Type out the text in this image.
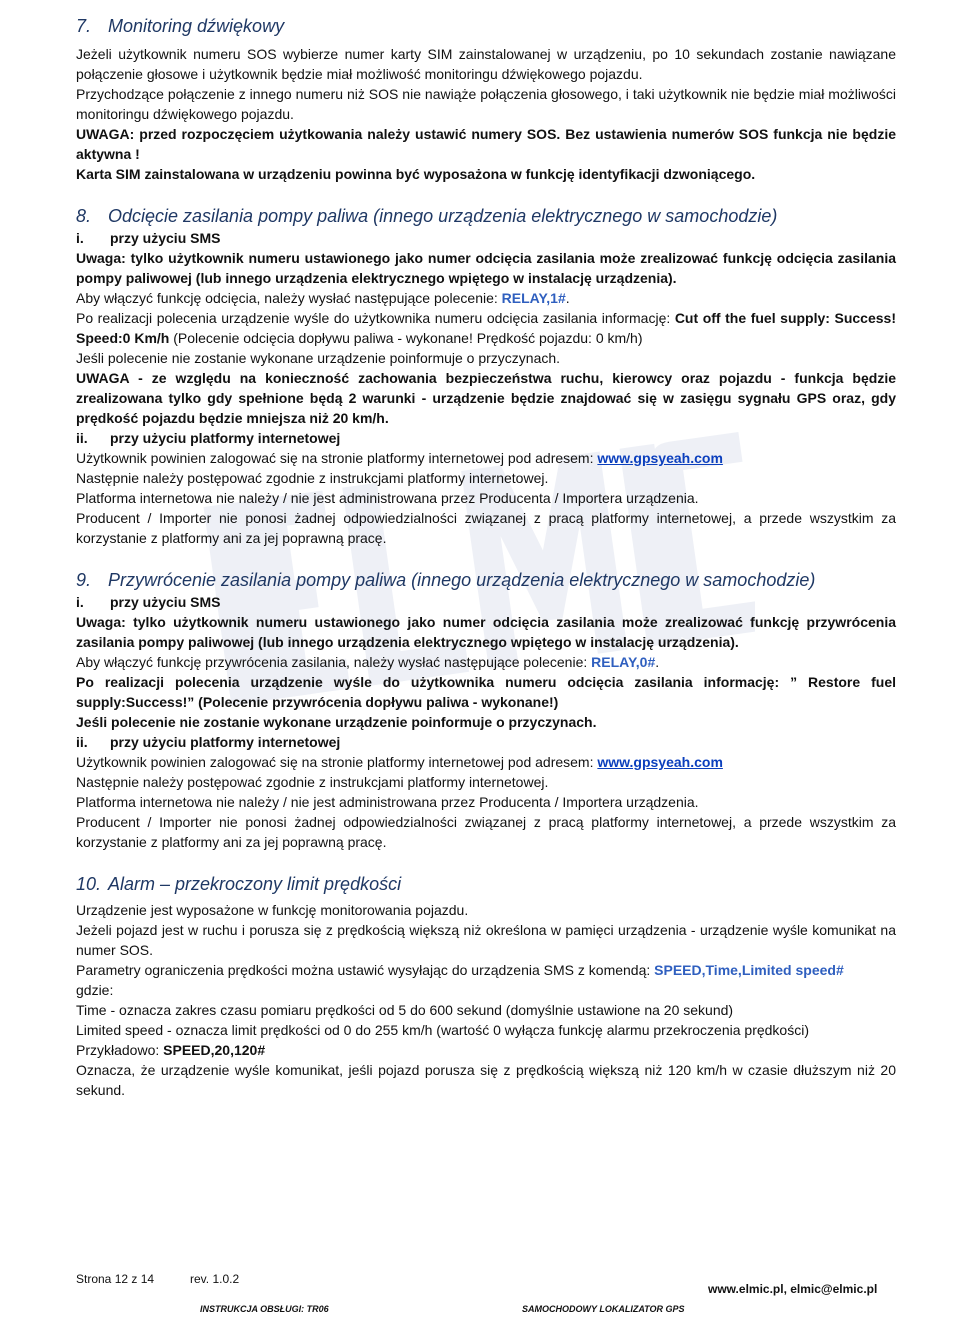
7. Monitoring dźwiękowy

Jeżeli użytkownik numeru SOS wybierze numer karty SIM zainstalowanej w urządzeniu, po 10 sekundach zostanie nawiązane połączenie głosowe i użytkownik będzie miał możliwość monitoringu dźwiękowego pojazdu.

Przychodzące połączenie z innego numeru niż SOS nie nawiąże połączenia głosowego, i taki użytkownik nie będzie miał możliwości monitoringu dźwiękowego pojazdu.

UWAGA: przed rozpoczęciem użytkowania należy ustawić numery SOS. Bez ustawienia numerów SOS funkcja nie będzie aktywna !

Karta SIM zainstalowana w urządzeniu powinna być wyposażona w funkcję identyfikacji dzwoniącego.

8. Odcięcie zasilania pompy paliwa (innego urządzenia elektrycznego w samochodzie)

i. przy użyciu SMS

Uwaga: tylko użytkownik numeru ustawionego jako numer odcięcia zasilania może zrealizować funkcję odcięcia zasilania pompy paliwowej (lub innego urządzenia elektrycznego wpiętego w instalację urządzenia).

Aby włączyć funkcję odcięcia, należy wysłać następujące polecenie: RELAY,1#.

Po realizacji polecenia urządzenie wyśle do użytkownika numeru odcięcia zasilania informację: Cut off the fuel supply: Success! Speed:0 Km/h (Polecenie odcięcia dopływu paliwa - wykonane! Prędkość pojazdu: 0 km/h)

Jeśli polecenie nie zostanie wykonane urządzenie poinformuje o przyczynach.

UWAGA - ze względu na konieczność zachowania bezpieczeństwa ruchu, kierowcy oraz pojazdu - funkcja będzie zrealizowana tylko gdy spełnione będą 2 warunki - urządzenie będzie znajdować się w zasięgu sygnału GPS oraz, gdy prędkość pojazdu będzie mniejsza niż 20 km/h.

ii. przy użyciu platformy internetowej

Użytkownik powinien zalogować się na stronie platformy internetowej pod adresem: www.gpsyeah.com

Następnie należy postępować zgodnie z instrukcjami platformy internetowej.

Platforma internetowa nie należy / nie jest administrowana przez Producenta / Importera urządzenia.

Producent / Importer nie ponosi żadnej odpowiedzialności związanej z pracą platformy internetowej, a przede wszystkim za korzystanie z platformy ani za jej poprawną pracę.

9. Przywrócenie zasilania pompy paliwa (innego urządzenia elektrycznego w samochodzie)

i. przy użyciu SMS

Uwaga: tylko użytkownik numeru ustawionego jako numer odcięcia zasilania może zrealizować funkcję przywrócenia zasilania pompy paliwowej (lub innego urządzenia elektrycznego wpiętego w instalację urządzenia).

Aby włączyć funkcję przywrócenia zasilania, należy wysłać następujące polecenie: RELAY,0#.

Po realizacji polecenia urządzenie wyśle do użytkownika numeru odcięcia zasilania informację: ” Restore fuel supply:Success!” (Polecenie przywrócenia dopływu paliwa - wykonane!)

Jeśli polecenie nie zostanie wykonane urządzenie poinformuje o przyczynach.

ii. przy użyciu platformy internetowej

Użytkownik powinien zalogować się na stronie platformy internetowej pod adresem: www.gpsyeah.com

Następnie należy postępować zgodnie z instrukcjami platformy internetowej.

Platforma internetowa nie należy / nie jest administrowana przez Producenta / Importera urządzenia.

Producent / Importer nie ponosi żadnej odpowiedzialności związanej z pracą platformy internetowej, a przede wszystkim za korzystanie z platformy ani za jej poprawną pracę.

10. Alarm – przekroczony limit prędkości

Urządzenie jest wyposażone w funkcję monitorowania pojazdu.

Jeżeli pojazd jest w ruchu i porusza się z prędkością większą niż określona w pamięci urządzenia - urządzenie wyśle komunikat na numer SOS.

Parametry ograniczenia prędkości można ustawić wysyłając do urządzenia SMS z komendą: SPEED,Time,Limited speed#

gdzie:

Time - oznacza zakres czasu pomiaru prędkości od 5 do 600 sekund (domyślnie ustawione na 20 sekund)

Limited speed - oznacza limit prędkości od 0 do 255 km/h (wartość 0 wyłącza funkcję alarmu przekroczenia prędkości)

Przykładowo: SPEED,20,120#

Oznacza, że urządzenie wyśle komunikat, jeśli pojazd porusza się z prędkością większą niż 120 km/h w czasie dłuższym niż 20 sekund.

Strona 12 z 14	rev. 1.0.2
www.elmic.pl, elmic@elmic.pl
INSTRUKCJA OBSŁUGI: TR06	SAMOCHODOWY LOKALIZATOR GPS
